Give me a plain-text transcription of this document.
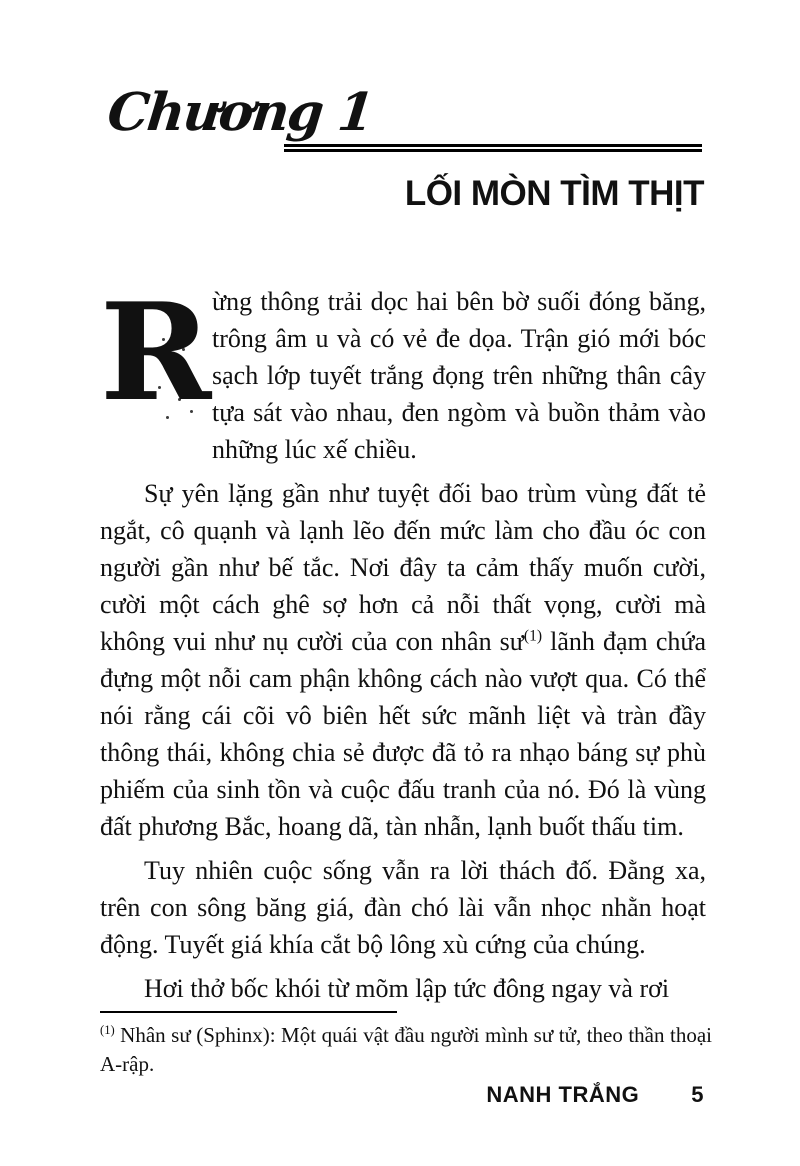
Chương 1
LỐI MÒN TÌM THỊT

R ừng thông trải dọc hai bên bờ suối đóng băng, trông âm u và có vẻ đe dọa. Trận gió mới bóc sạch lớp tuyết trắng đọng trên những thân cây tựa sát vào nhau, đen ngòm và buồn thảm vào những lúc xế chiều.

Sự yên lặng gần như tuyệt đối bao trùm vùng đất tẻ ngắt, cô quạnh và lạnh lẽo đến mức làm cho đầu óc con người gần như bế tắc. Nơi đây ta cảm thấy muốn cười, cười một cách ghê sợ hơn cả nỗi thất vọng, cười mà không vui như nụ cười của con nhân $sư^{(1)}$ lãnh đạm chứa đựng một nỗi cam phận không cách nào vượt qua. Có thể nói rằng cái cõi vô biên hết sức mãnh liệt và tràn đầy thông thái, không chia sẻ được đã tỏ ra nhạo báng sự phù phiếm của sinh tồn và cuộc đấu tranh của nó. Đó là vùng đất phương Bắc, hoang dã, tàn nhẫn, lạnh buốt thấu tim.

Tuy nhiên cuộc sống vẫn ra lời thách đố. Đằng xa, trên con sông băng giá, đàn chó lài vẫn nhọc nhằn hoạt động. Tuyết giá khía cắt bộ lông xù cứng của chúng.

Hơi thở bốc khói từ mõm lập tức đông ngay và rơi

$^{(1)}$ Nhân sư (Sphinx): Một quái vật đầu người mình sư tử, theo thần thoại A-rập.
NANH TRẮNG 5
